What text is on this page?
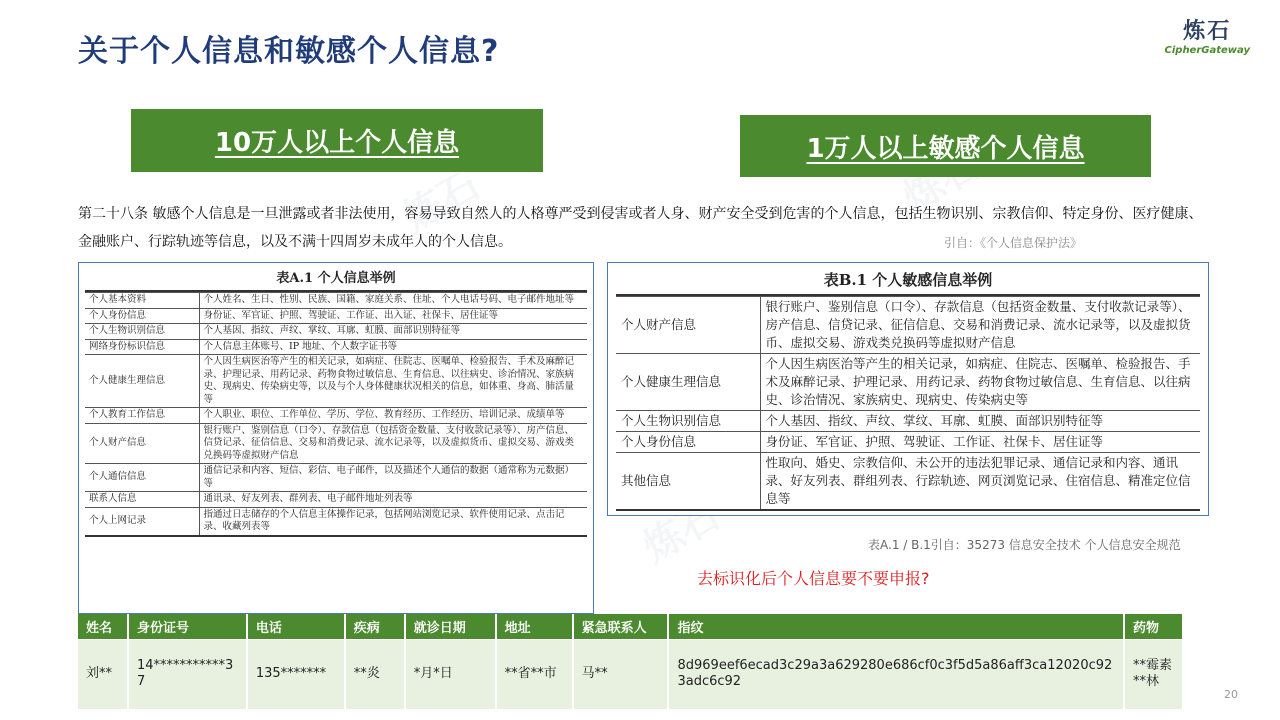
炼石	炼石
炼石
关于个人信息和敏感个人信息?
炼石
CipherGateway
10万人以上个人信息	1万人以上敏感个人信息
第二十八条 敏感个人信息是一旦泄露或者非法使用，容易导致自然人的人格尊严受到侵害或者人身、财产安全受到危害的个人信息，包括生物识别、宗教信仰、特定身份、医疗健康、金融账户、行踪轨迹等信息，以及不满十四周岁未成年人的个人信息。	引自：《个人信息保护法》
表A.1 个人信息举例
个人基本资料	个人姓名、生日、性别、民族、国籍、家庭关系、住址、个人电话号码、电子邮件地址等
个人身份信息	身份证、军官证、护照、驾驶证、工作证、出入证、社保卡、居住证等
个人生物识别信息	个人基因、指纹、声纹、掌纹、耳廓、虹膜、面部识别特征等
网络身份标识信息	个人信息主体账号、IP 地址、个人数字证书等
个人健康生理信息	个人因生病医治等产生的相关记录，如病症、住院志、医嘱单、检验报告、手术及麻醉记录、护理记录、用药记录、药物食物过敏信息、生育信息、以往病史、诊治情况、家族病史、现病史、传染病史等，以及与个人身体健康状况相关的信息，如体重、身高、肺活量等
个人教育工作信息	个人职业、职位、工作单位、学历、学位、教育经历、工作经历、培训记录、成绩单等
个人财产信息	银行账户、鉴别信息（口令）、存款信息（包括资金数量、支付收款记录等）、房产信息、信贷记录、征信信息、交易和消费记录、流水记录等，以及虚拟货币、虚拟交易、游戏类兑换码等虚拟财产信息
个人通信信息	通信记录和内容、短信、彩信、电子邮件，以及描述个人通信的数据（通常称为元数据）等
联系人信息	通讯录、好友列表、群列表、电子邮件地址列表等
个人上网记录	指通过日志储存的个人信息主体操作记录，包括网站浏览记录、软件使用记录、点击记录、收藏列表等
表B.1 个人敏感信息举例
个人财产信息	银行账户、鉴别信息（口令）、存款信息（包括资金数量、支付收款记录等）、房产信息、信贷记录、征信信息、交易和消费记录、流水记录等，以及虚拟货币、虚拟交易、游戏类兑换码等虚拟财产信息
个人健康生理信息	个人因生病医治等产生的相关记录，如病症、住院志、医嘱单、检验报告、手术及麻醉记录、护理记录、用药记录、药物食物过敏信息、生育信息、以往病史、诊治情况、家族病史、现病史、传染病史等
个人生物识别信息	个人基因、指纹、声纹、掌纹、耳廓、虹膜、面部识别特征等
个人身份信息	身份证、军官证、护照、驾驶证、工作证、社保卡、居住证等
其他信息	性取向、婚史、宗教信仰、未公开的违法犯罪记录、通信记录和内容、通讯录、好友列表、群组列表、行踪轨迹、网页浏览记录、住宿信息、精准定位信息等
表A.1 / B.1引自：35273 信息安全技术 个人信息安全规范
去标识化后个人信息要不要申报?
姓名	身份证号	电话	疾病	就诊日期	地址	紧急联系人	指纹	药物
刘**	14***********37	135*******	**炎	*月*日	**省**市	马**	8d969eef6ecad3c29a3a629280e686cf0c3f5d5a86aff3ca12020c923adc6c92	**霉素 **林
20
